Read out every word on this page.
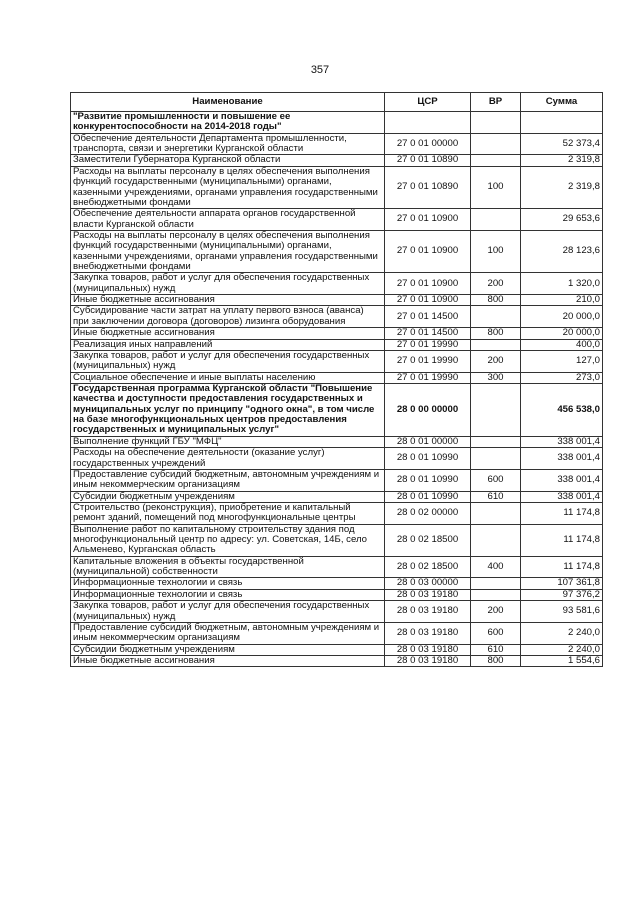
357
Наименование	ЦСР	ВР	Сумма
"Развитие промышленности и повышение ее конкурентоспособности на 2014-2018 годы"			
Обеспечение деятельности Департамента промышленности, транспорта, связи и энергетики Курганской области	27 0 01 00000		52 373,4
Заместители Губернатора Курганской области	27 0 01 10890		2 319,8
Расходы на выплаты персоналу в целях обеспечения выполнения функций государственными (муниципальными) органами, казенными учреждениями, органами управления государственными внебюджетными фондами	27 0 01 10890	100	2 319,8
Обеспечение деятельности аппарата органов государственной власти Курганской области	27 0 01 10900		29 653,6
Расходы на выплаты персоналу в целях обеспечения выполнения функций государственными (муниципальными) органами, казенными учреждениями, органами управления государственными внебюджетными фондами	27 0 01 10900	100	28 123,6
Закупка товаров, работ и услуг для обеспечения государственных (муниципальных) нужд	27 0 01 10900	200	1 320,0
Иные бюджетные ассигнования	27 0 01 10900	800	210,0
Субсидирование части затрат на уплату первого взноса (аванса) при заключении договора (договоров) лизинга оборудования	27 0 01 14500		20 000,0
Иные бюджетные ассигнования	27 0 01 14500	800	20 000,0
Реализация иных направлений	27 0 01 19990		400,0
Закупка товаров, работ и услуг для обеспечения государственных (муниципальных) нужд	27 0 01 19990	200	127,0
Социальное обеспечение и иные выплаты населению	27 0 01 19990	300	273,0
Государственная программа Курганской области "Повышение качества и доступности предоставления государственных и муниципальных услуг по принципу "одного окна", в том числе на базе многофункциональных центров предоставления государственных и муниципальных услуг"	28 0 00 00000		456 538,0
Выполнение функций ГБУ "МФЦ"	28 0 01 00000		338 001,4
Расходы на обеспечение деятельности (оказание услуг) государственных учреждений	28 0 01 10990		338 001,4
Предоставление субсидий бюджетным, автономным учреждениям и иным некоммерческим организациям	28 0 01 10990	600	338 001,4
Субсидии бюджетным учреждениям	28 0 01 10990	610	338 001,4
Строительство (реконструкция), приобретение и капитальный ремонт зданий, помещений под многофункциональные центры	28 0 02 00000		11 174,8
Выполнение работ по капитальному строительству здания под многофункциональный центр по адресу: ул. Советская, 14Б, село Альменево, Курганская область	28 0 02 18500		11 174,8
Капитальные вложения в объекты государственной (муниципальной) собственности	28 0 02 18500	400	11 174,8
Информационные технологии и связь	28 0 03 00000		107 361,8
Информационные технологии и связь	28 0 03 19180		97 376,2
Закупка товаров, работ и услуг для обеспечения государственных (муниципальных) нужд	28 0 03 19180	200	93 581,6
Предоставление субсидий бюджетным, автономным учреждениям и иным некоммерческим организациям	28 0 03 19180	600	2 240,0
Субсидии бюджетным учреждениям	28 0 03 19180	610	2 240,0
Иные бюджетные ассигнования	28 0 03 19180	800	1 554,6
